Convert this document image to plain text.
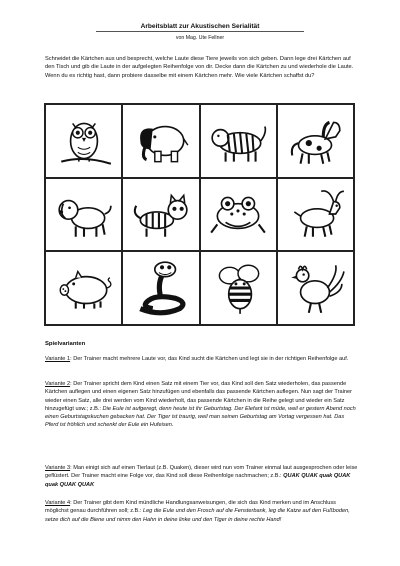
Arbeitsblatt zur Akustischen Serialität
von Mag. Ute Fellner

Schneidet die Kärtchen aus und besprecht, welche Laute diese Tiere jeweils von sich geben. Dann lege drei Kärtchen auf den Tisch und gib die Laute in der aufgelegten Reihenfolge von dir. Decke dann die Kärtchen zu und wiederhole die Laute. Wenn du es richtig hast, dann probiere dasselbe mit einem Kärtchen mehr. Wie viele Kärtchen schaffst du?

Spielvarianten

Variante 1: Der Trainer macht mehrere Laute vor, das Kind sucht die Kärtchen und legt sie in der richtigen Reihenfolge auf.

Variante 2: Der Trainer spricht dem Kind einen Satz mit einem Tier vor, das Kind soll den Satz wiederholen, das passende Kärtchen auflegen und einen eigenen Satz hinzufügen und ebenfalls das passende Kärtchen auflegen. Nun sagt der Trainer wieder einen Satz, alle drei werden vom Kind wiederholt, das passende Kärtchen in die Reihe gelegt und wieder ein Satz hinzugefügt usw.; z.B.: Die Eule ist aufgeregt, denn heute ist ihr Geburtstag. Der Elefant ist müde, weil er gestern Abend noch einen Geburtstagskuchen gebacken hat. Der Tiger ist traurig, weil man seinen Geburtstag am Vortag vergessen hat. Das Pferd ist fröhlich und schenkt der Eule ein Hufeisen.

Variante 3: Man einigt sich auf einen Tierlaut (z.B. Quaken), dieser wird nun vom Trainer einmal laut ausgesprochen oder leise geflüstert. Der Trainer macht eine Folge vor, das Kind soll diese Reihenfolge nachmachen; z.B.: QUAK QUAK quak QUAK quak QUAK QUAK

Variante 4: Der Trainer gibt dem Kind mündliche Handlungsanweisungen, die sich das Kind merken und im Anschluss möglichst genau durchführen soll; z.B.: Leg die Eule und den Frosch auf die Fensterbank, leg die Katze auf den Fußboden, setze dich auf die Biene und nimm den Hahn in deine linke und den Tiger in deine rechte Hand!
